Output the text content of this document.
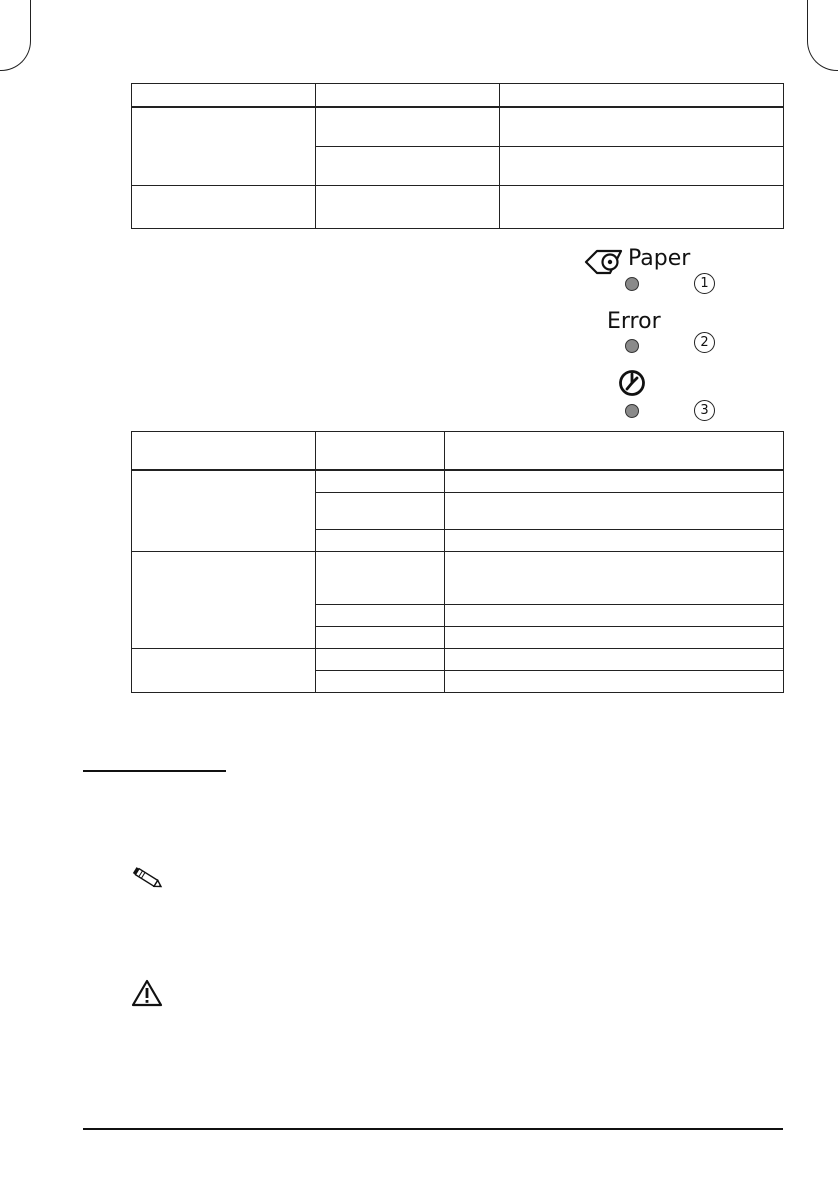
Paper
1
Error
2
3
